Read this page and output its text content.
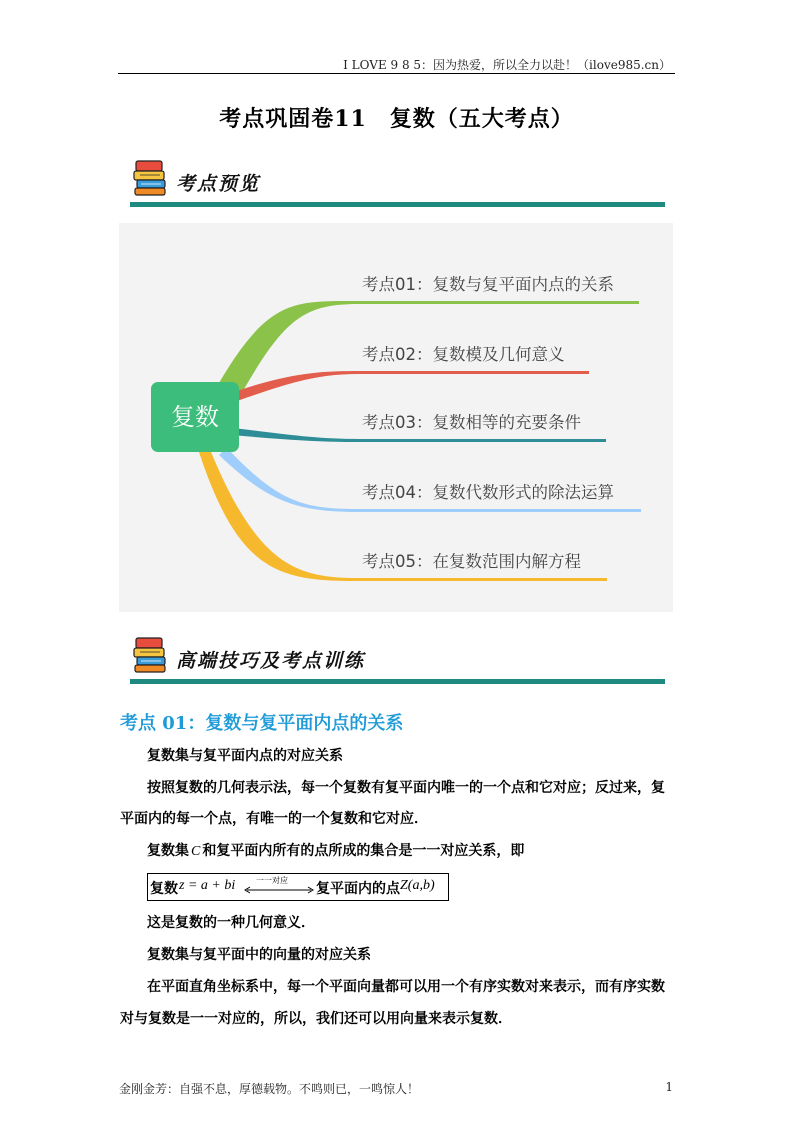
I LOVE 9 8 5：因为热爱，所以全力以赴！（ilove985.cn）
考点巩固卷11　复数（五大考点）
考点预览
复数
考点01：复数与复平面内点的关系
考点02：复数模及几何意义
考点03：复数相等的充要条件
考点04：复数代数形式的除法运算
考点05：在复数范围内解方程
高端技巧及考点训练
考点 01：复数与复平面内点的关系
复数集与复平面内点的对应关系
按照复数的几何表示法，每一个复数有复平面内唯一的一个点和它对应；反过来，复
平面内的每一个点，有唯一的一个复数和它对应．
复数集 C 和复平面内所有的点所成的集合是一一对应关系，即
复数 z = a + bi	一一对应
复平面内的点 Z(a,b)
这是复数的一种几何意义．
复数集与复平面中的向量的对应关系
在平面直角坐标系中，每一个平面向量都可以用一个有序实数对来表示，而有序实数
对与复数是一一对应的，所以，我们还可以用向量来表示复数．
金刚金芳：自强不息，厚德载物。不鸣则已，一鸣惊人！	1
